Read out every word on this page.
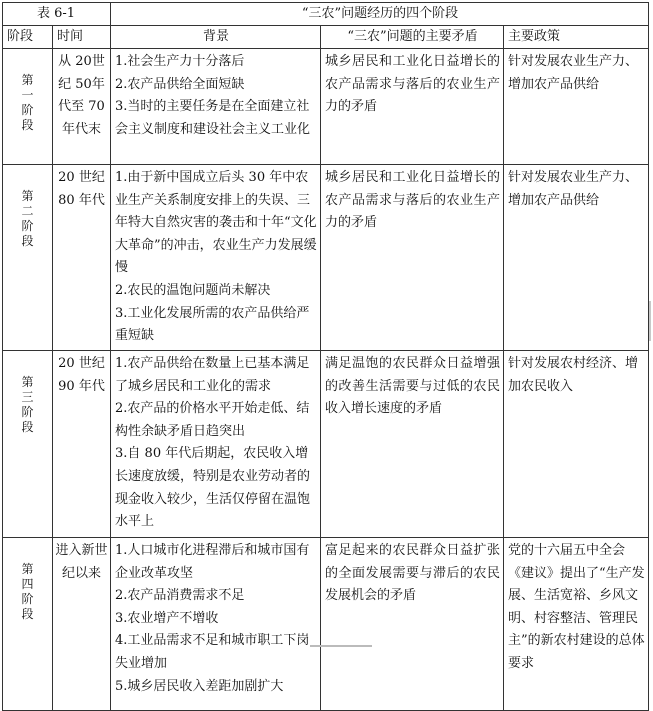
表 6-1		“三农”问题经历的四个阶段		
阶段	时间	背景	“三农”问题的主要矛盾	主要政策

第一阶段	从 20世纪 50年代至 70年代末	1.社会生产力十分落后
2.农产品供给全面短缺
3.当时的主要任务是在全面建立社会主义制度和建设社会主义工业化	城乡居民和工业化日益增长的农产品需求与落后的农业生产力的矛盾	针对发展农业生产力、增加农产品供给

第二阶段	20 世纪 80 年代	1.由于新中国成立后头 30 年中农业生产关系制度安排上的失误、三年特大自然灾害的袭击和十年“文化大革命”的冲击，农业生产力发展缓慢
2.农民的温饱问题尚未解决
3.工业化发展所需的农产品供给严重短缺	城乡居民和工业化日益增长的农产品需求与落后的农业生产力的矛盾	针对发展农业生产力、增加农产品供给

第三阶段	20 世纪 90 年代	1.农产品供给在数量上已基本满足了城乡居民和工业化的需求
2.农产品的价格水平开始走低、结构性余缺矛盾日趋突出
3.自 80 年代后期起，农民收入增长速度放缓，特别是农业劳动者的现金收入较少，生活仅停留在温饱水平上	满足温饱的农民群众日益增强的改善生活需要与过低的农民收入增长速度的矛盾	针对发展农村经济、增加农民收入

第四阶段	进入新世纪以来	1.人口城市化进程滞后和城市国有企业改革攻坚
2.农产品消费需求不足
3.农业增产不增收
4.工业品需求不足和城市职工下岗失业增加
5.城乡居民收入差距加剧扩大	富足起来的农民群众日益扩张的全面发展需要与滞后的农民发展机会的矛盾	党的十六届五中全会《建议》提出了“生产发展、生活宽裕、乡风文明、村容整洁、管理民主”的新农村建设的总体要求
